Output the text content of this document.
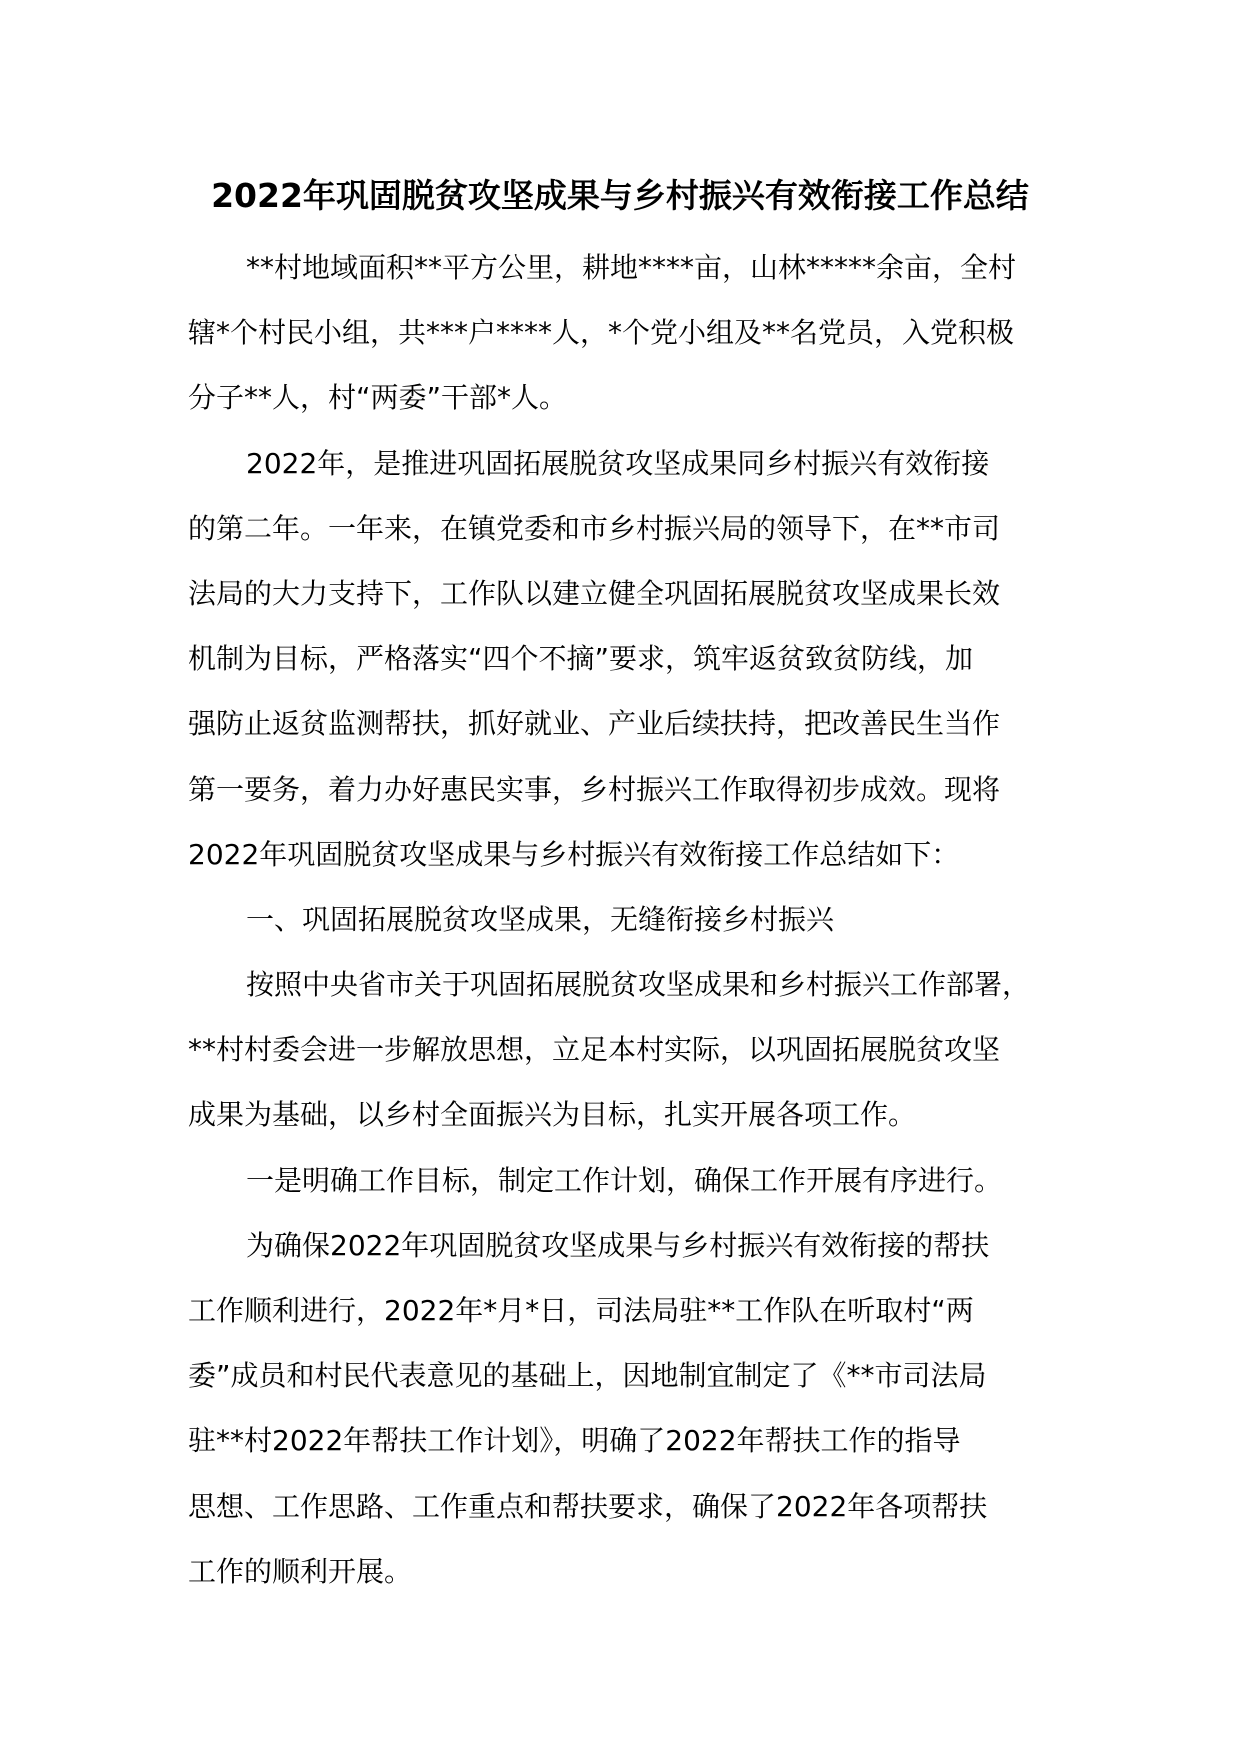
2022年巩固脱贫攻坚成果与乡村振兴有效衔接工作总结
**村地域面积**平方公里，耕地****亩，山林*****余亩，全村
辖*个村民小组，共***户****人，*个党小组及**名党员，入党积极
分子**人，村“两委”干部*人。
2022年，是推进巩固拓展脱贫攻坚成果同乡村振兴有效衔接
的第二年。一年来，在镇党委和市乡村振兴局的领导下，在**市司
法局的大力支持下，工作队以建立健全巩固拓展脱贫攻坚成果长效
机制为目标，严格落实“四个不摘”要求，筑牢返贫致贫防线，加
强防止返贫监测帮扶，抓好就业、产业后续扶持，把改善民生当作
第一要务，着力办好惠民实事，乡村振兴工作取得初步成效。现将
2022年巩固脱贫攻坚成果与乡村振兴有效衔接工作总结如下：
一、巩固拓展脱贫攻坚成果，无缝衔接乡村振兴
按照中央省市关于巩固拓展脱贫攻坚成果和乡村振兴工作部署，
**村村委会进一步解放思想，立足本村实际，以巩固拓展脱贫攻坚
成果为基础，以乡村全面振兴为目标，扎实开展各项工作。
一是明确工作目标，制定工作计划，确保工作开展有序进行。
为确保2022年巩固脱贫攻坚成果与乡村振兴有效衔接的帮扶
工作顺利进行，2022年*月*日，司法局驻**工作队在听取村“两
委”成员和村民代表意见的基础上，因地制宜制定了《**市司法局
驻**村2022年帮扶工作计划》，明确了2022年帮扶工作的指导
思想、工作思路、工作重点和帮扶要求，确保了2022年各项帮扶
工作的顺利开展。
